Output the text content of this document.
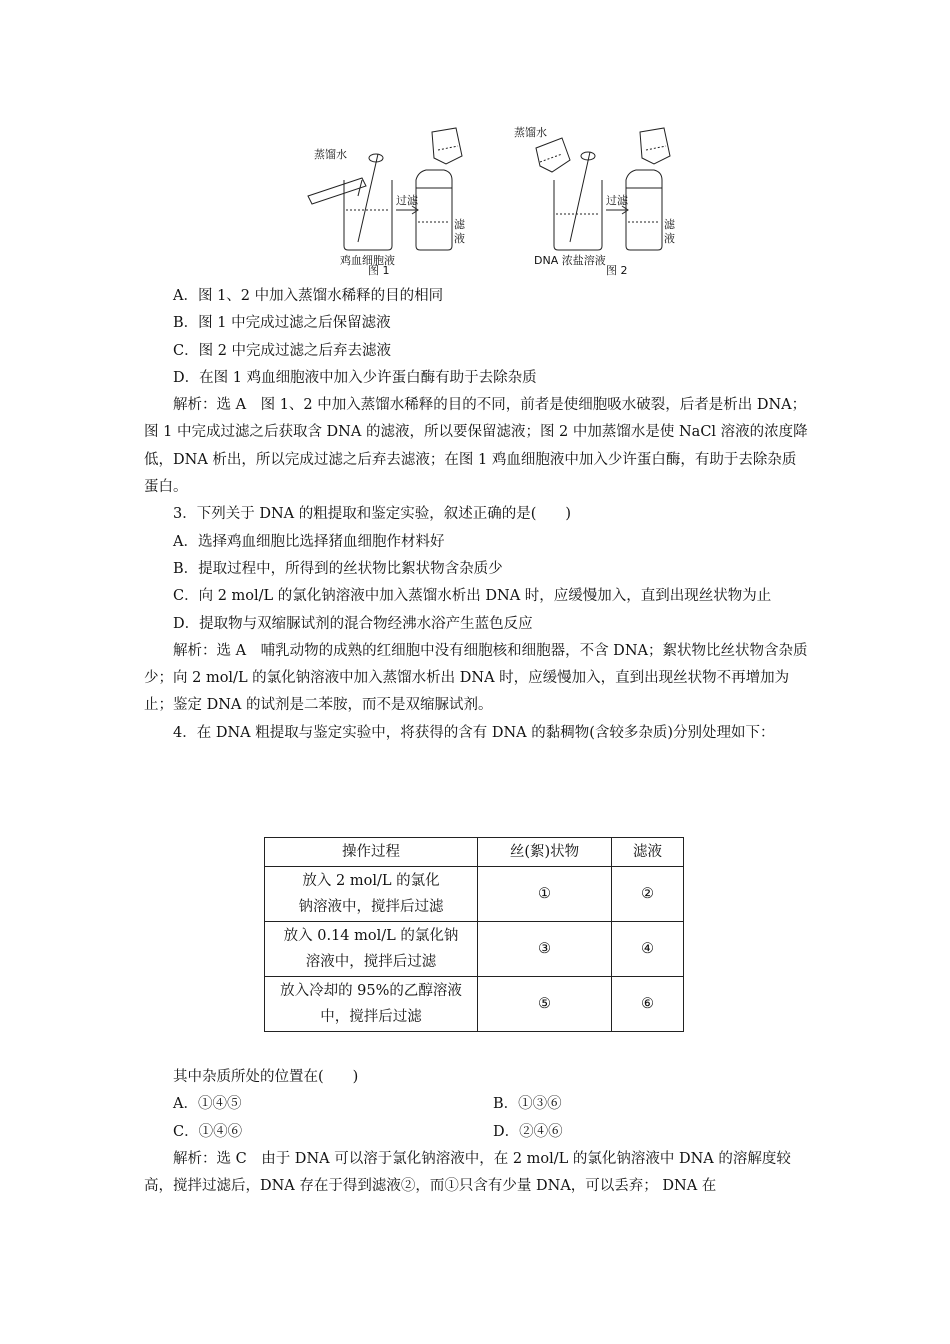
蒸馏水
过滤
滤
液
鸡血细胞液
图 1
蒸馏水
过滤
滤
液
DNA 浓盐溶液
图 2

A．图 1、2 中加入蒸馏水稀释的目的相同

B．图 1 中完成过滤之后保留滤液

C．图 2 中完成过滤之后弃去滤液

D．在图 1 鸡血细胞液中加入少许蛋白酶有助于去除杂质

解析：选 A　图 1、2 中加入蒸馏水稀释的目的不同，前者是使细胞吸水破裂，后者是析出 DNA；图 1 中完成过滤之后获取含 DNA 的滤液，所以要保留滤液；图 2 中加蒸馏水是使 NaCl 溶液的浓度降低，DNA 析出，所以完成过滤之后弃去滤液；在图 1 鸡血细胞液中加入少许蛋白酶，有助于去除杂质蛋白。

3．下列关于 DNA 的粗提取和鉴定实验，叙述正确的是(　　)

A．选择鸡血细胞比选择猪血细胞作材料好

B．提取过程中，所得到的丝状物比絮状物含杂质少

C．向 2 mol/L 的氯化钠溶液中加入蒸馏水析出 DNA 时，应缓慢加入，直到出现丝状物为止

D．提取物与双缩脲试剂的混合物经沸水浴产生蓝色反应

解析：选 A　哺乳动物的成熟的红细胞中没有细胞核和细胞器，不含 DNA；絮状物比丝状物含杂质少；向 2 mol/L 的氯化钠溶液中加入蒸馏水析出 DNA 时，应缓慢加入，直到出现丝状物不再增加为止；鉴定 DNA 的试剂是二苯胺，而不是双缩脲试剂。

4．在 DNA 粗提取与鉴定实验中，将获得的含有 DNA 的黏稠物(含较多杂质)分别处理如下：

操作过程	丝(絮)状物	滤液
放入 2 mol/L 的氯化
钠溶液中，搅拌后过滤	①	②
放入 0.14 mol/L 的氯化钠
溶液中，搅拌后过滤	③	④
放入冷却的 95%的乙醇溶液
中，搅拌后过滤	⑤	⑥

其中杂质所处的位置在(　　)

A．①④⑤	B．①③⑥
C．①④⑥	D．②④⑥

解析：选 C　由于 DNA 可以溶于氯化钠溶液中，在 2 mol/L 的氯化钠溶液中 DNA 的溶解度较高，搅拌过滤后，DNA 存在于得到滤液②，而①只含有少量 DNA，可以丢弃； DNA 在
